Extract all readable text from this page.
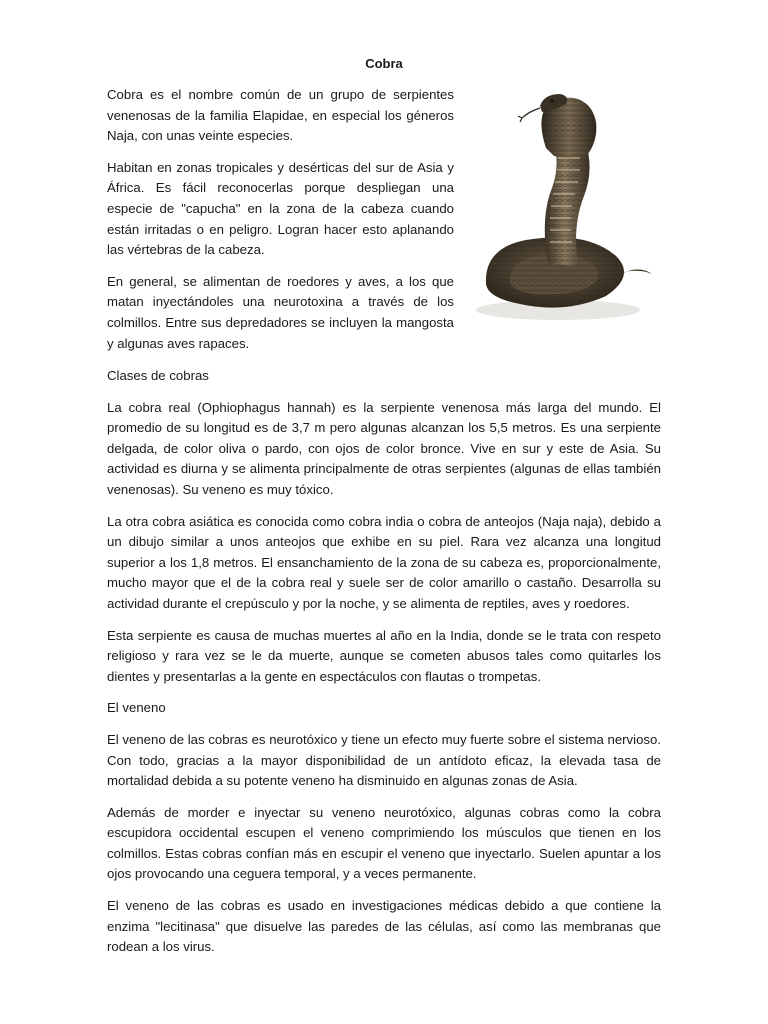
Cobra

Cobra es el nombre común de un grupo de serpientes venenosas de la familia Elapidae, en especial los géneros Naja, con unas veinte especies.

Habitan en zonas tropicales y desérticas del sur de Asia y África. Es fácil reconocerlas porque despliegan una especie de "capucha" en la zona de la cabeza cuando están irritadas o en peligro. Logran hacer esto aplanando las vértebras de la cabeza.

En general, se alimentan de roedores y aves, a los que matan inyectándoles una neurotoxina a través de los colmillos. Entre sus depredadores se incluyen la mangosta y algunas aves rapaces.

Clases de cobras

La cobra real (Ophiophagus hannah) es la serpiente venenosa más larga del mundo. El promedio de su longitud es de 3,7 m pero algunas alcanzan los 5,5 metros. Es una serpiente delgada, de color oliva o pardo, con ojos de color bronce. Vive en sur y este de Asia. Su actividad es diurna y se alimenta principalmente de otras serpientes (algunas de ellas también venenosas). Su veneno es muy tóxico.

La otra cobra asiática es conocida como cobra india o cobra de anteojos (Naja naja), debido a un dibujo similar a unos anteojos que exhibe en su piel. Rara vez alcanza una longitud superior a los 1,8 metros. El ensanchamiento de la zona de su cabeza es, proporcionalmente, mucho mayor que el de la cobra real y suele ser de color amarillo o castaño. Desarrolla su actividad durante el crepúsculo y por la noche, y se alimenta de reptiles, aves y roedores.

Esta serpiente es causa de muchas muertes al año en la India, donde se le trata con respeto religioso y rara vez se le da muerte, aunque se cometen abusos tales como quitarles los dientes y presentarlas a la gente en espectáculos con flautas o trompetas.

El veneno

El veneno de las cobras es neurotóxico y tiene un efecto muy fuerte sobre el sistema nervioso. Con todo, gracias a la mayor disponibilidad de un antídoto eficaz, la elevada tasa de mortalidad debida a su potente veneno ha disminuido en algunas zonas de Asia.

Además de morder e inyectar su veneno neurotóxico, algunas cobras como la cobra escupidora occidental escupen el veneno comprimiendo los músculos que tienen en los colmillos. Estas cobras confían más en escupir el veneno que inyectarlo. Suelen apuntar a los ojos provocando una ceguera temporal, y a veces permanente.

El veneno de las cobras es usado en investigaciones médicas debido a que contiene la enzima "lecitinasa" que disuelve las paredes de las células, así como las membranas que rodean a los virus.
